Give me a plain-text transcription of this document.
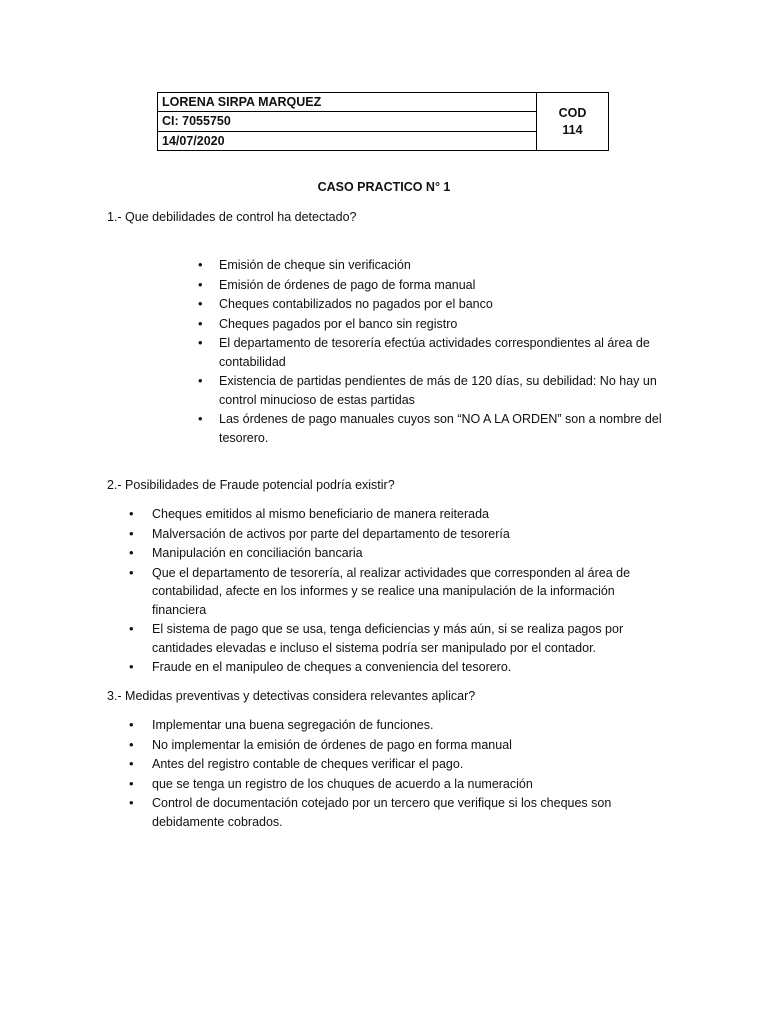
LORENA SIRPA MARQUEZ
CI: 7055750
14/07/2020
COD
114
CASO PRACTICO N° 1
1.- Que debilidades de control ha detectado?
• Emisión de cheque sin verificación
• Emisión de órdenes de pago de forma manual
• Cheques contabilizados no pagados por el banco
• Cheques pagados por el banco sin registro
• El departamento de tesorería efectúa actividades correspondientes al área de contabilidad
• Existencia de partidas pendientes de más de 120 días, su debilidad: No hay un control minucioso de estas partidas
• Las órdenes de pago manuales cuyos son “NO A LA ORDEN” son a nombre del tesorero.
2.- Posibilidades de Fraude potencial podría existir?
• Cheques emitidos al mismo beneficiario de manera reiterada
• Malversación de activos por parte del departamento de tesorería
• Manipulación en conciliación bancaria
• Que el departamento de tesorería, al realizar actividades que corresponden al área de contabilidad, afecte en los informes y se realice una manipulación de la información financiera
• El sistema de pago que se usa, tenga deficiencias y más aún, si se realiza pagos por cantidades elevadas e incluso el sistema podría ser manipulado por el contador.
• Fraude en el manipuleo de cheques a conveniencia del tesorero.
3.- Medidas preventivas y detectivas considera relevantes aplicar?
• Implementar una buena segregación de funciones.
• No implementar la emisión de órdenes de pago en forma manual
• Antes del registro contable de cheques verificar el pago.
• que se tenga un registro de los chuques de acuerdo a la numeración
• Control de documentación cotejado por un tercero que verifique si los cheques son debidamente cobrados.
